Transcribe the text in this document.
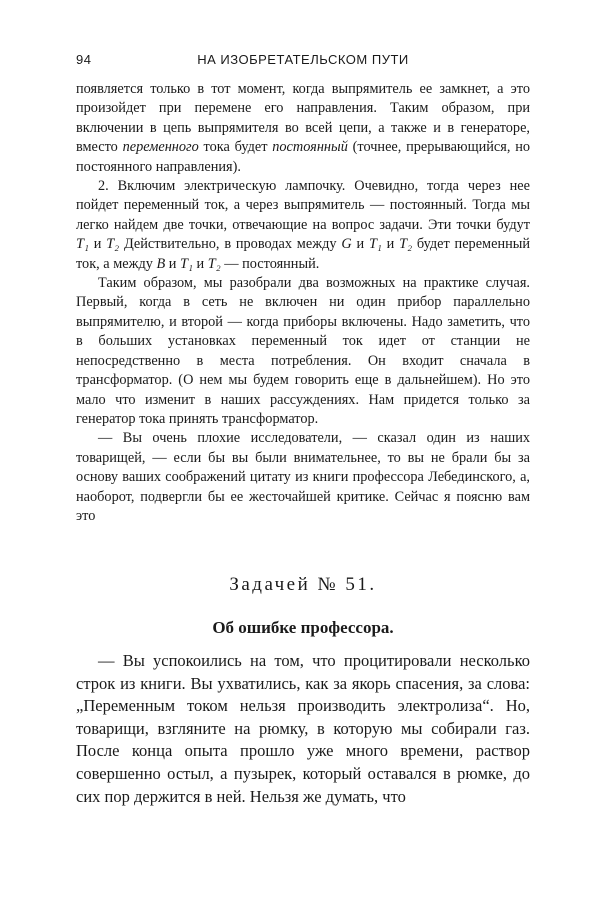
94	НА ИЗОБРЕТАТЕЛЬСКОМ ПУТИ

появляется только в тот момент, когда выпрямитель ее замкнет, а это произойдет при перемене его направления. Таким образом, при включении в цепь выпрямителя во всей цепи, а также и в генераторе, вместо переменного тока будет постоянный (точнее, прерывающийся, но постоянного направления).

2. Включим электрическую лампочку. Очевидно, тогда через нее пойдет переменный ток, а через выпрямитель — постоянный. Тогда мы легко найдем две точки, отвечающие на вопрос задачи. Эти точки будут T₁ и T₂ Действительно, в проводах между G и T₁ и T₂ будет переменный ток, а между B и T₁ и T₂ — постоянный.

Таким образом, мы разобрали два возможных на практике случая. Первый, когда в сеть не включен ни один прибор параллельно выпрямителю, и второй — когда приборы включены. Надо заметить, что в больших установках переменный ток идет от станции не непосредственно в места потребления. Он входит сначала в трансформатор. (О нем мы будем говорить еще в дальнейшем). Но это мало что изменит в наших рассуждениях. Нам придется только за генератор тока принять трансформатор.

— Вы очень плохие исследователи, — сказал один из наших товарищей, — если бы вы были внимательнее, то вы не брали бы за основу ваших соображений цитату из книги профессора Лебединского, а, наоборот, подвергли бы ее жесточайшей критике. Сейчас я поясню вам это

Задачей № 51.
Об ошибке профессора.

— Вы успокоились на том, что процитировали несколько строк из книги. Вы ухватились, как за якорь спасения, за слова: „Переменным током нельзя производить электролиза“. Но, товарищи, взгляните на рюмку, в которую мы собирали газ. После конца опыта прошло уже много времени, раствор совершенно остыл, а пузырек, который оставался в рюмке, до сих пор держится в ней. Нельзя же думать, что
